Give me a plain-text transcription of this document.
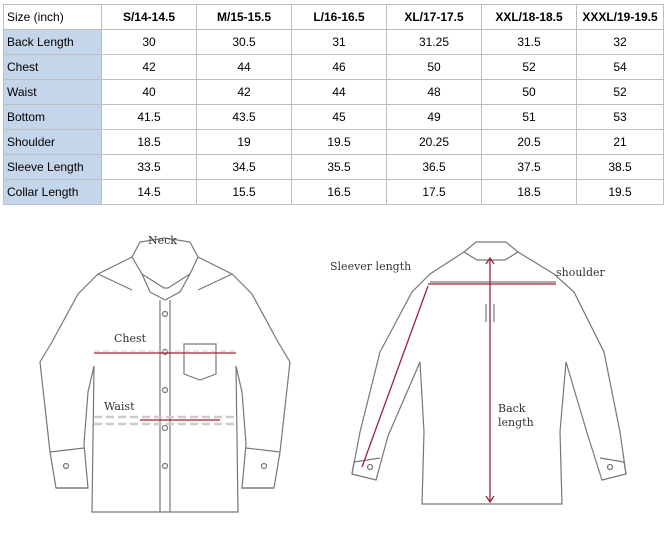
Size (inch)	S/14-14.5	M/15-15.5	L/16-16.5	XL/17-17.5	XXL/18-18.5	XXXL/19-19.5
Back Length	30	30.5	31	31.25	31.5	32
Chest	42	44	46	50	52	54
Waist	40	42	44	48	50	52
Bottom	41.5	43.5	45	49	51	53
Shoulder	18.5	19	19.5	20.25	20.5	21
Sleeve Length	33.5	34.5	35.5	36.5	37.5	38.5
Collar Length	14.5	15.5	16.5	17.5	18.5	19.5
Neck
Chest
Waist
Sleever length	shoulder
Back
length
